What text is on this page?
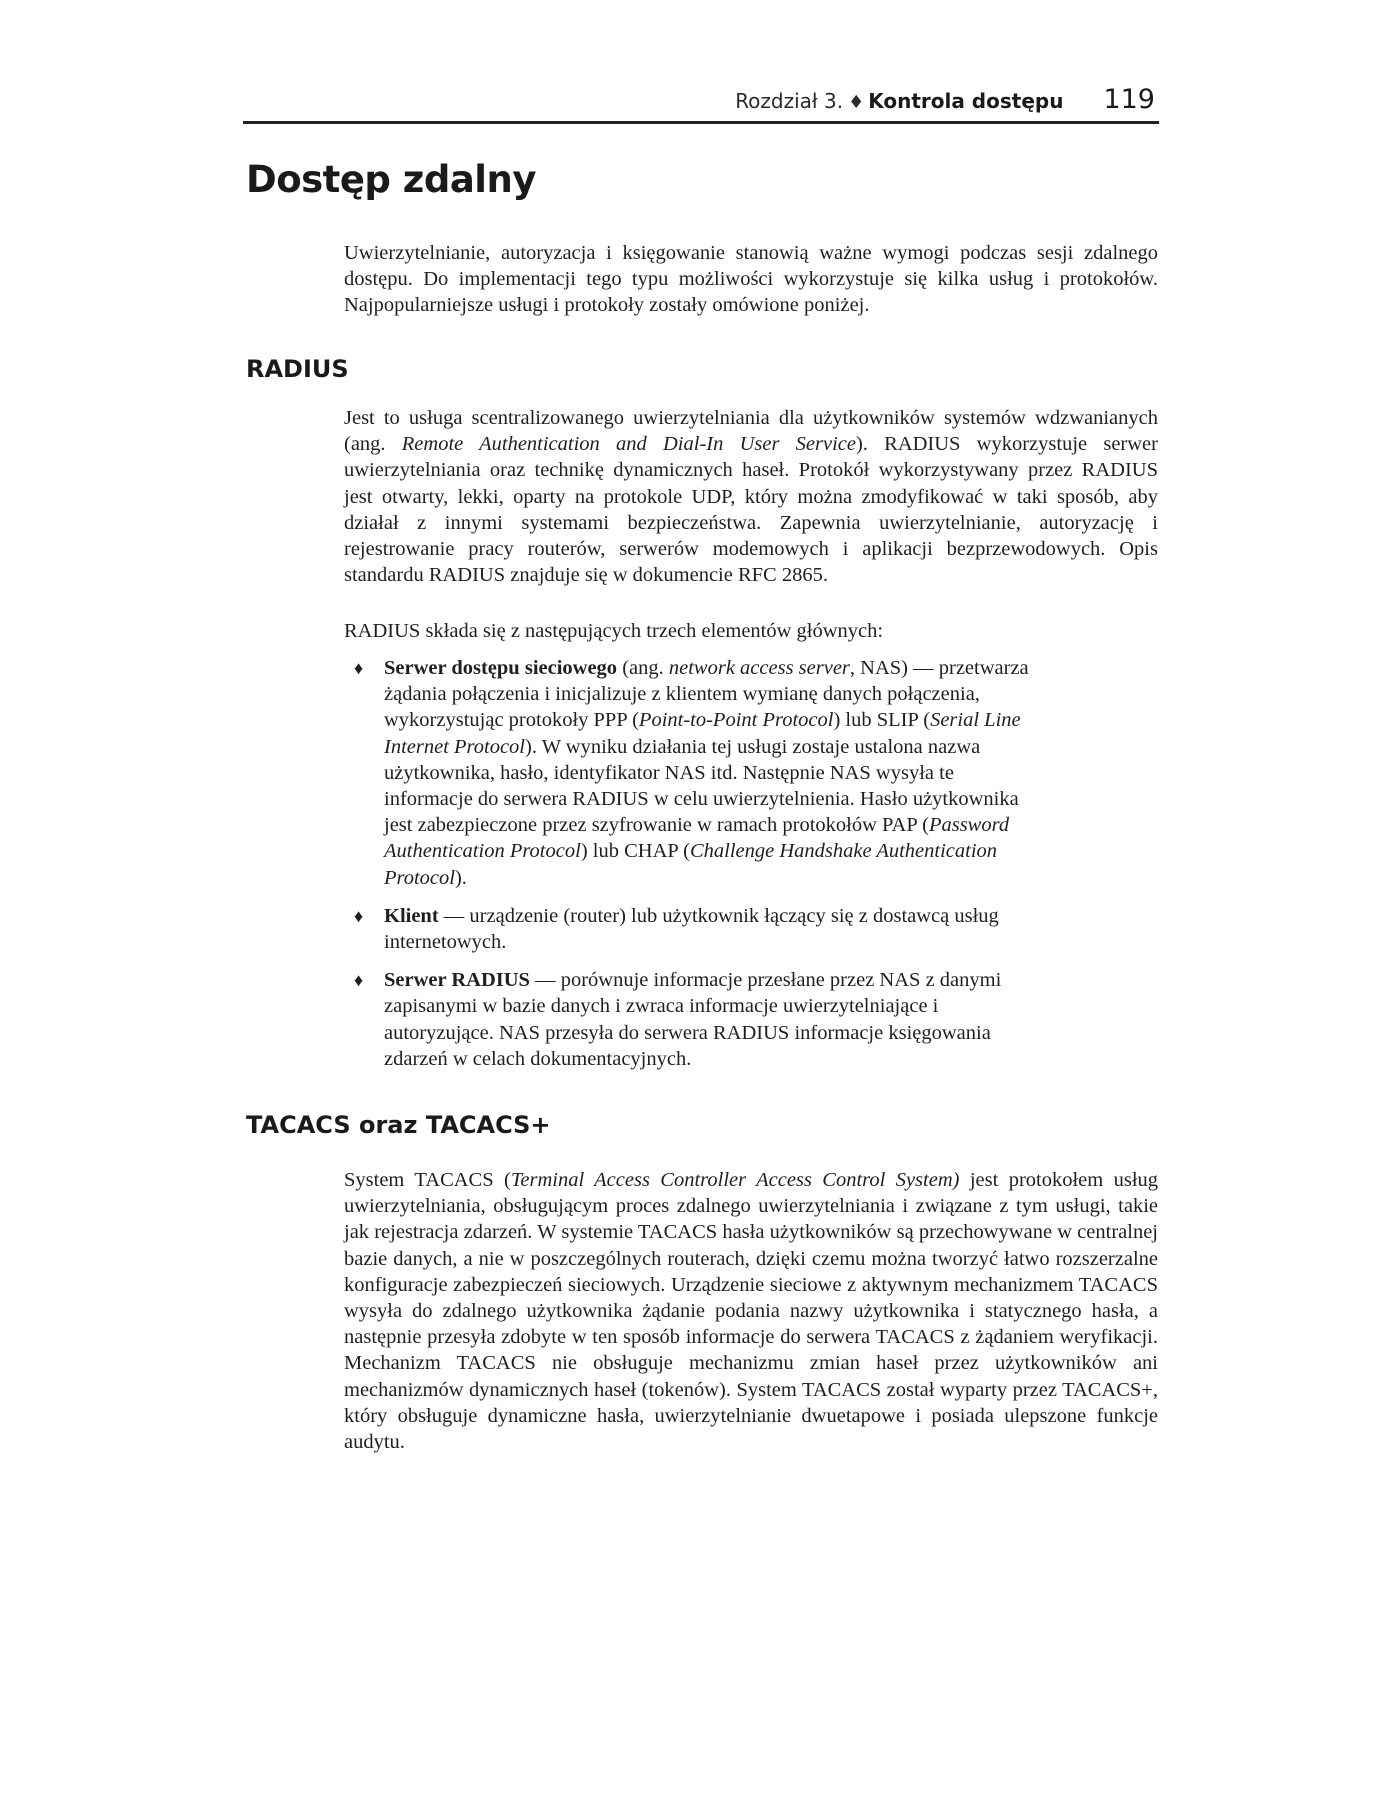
Rozdział 3. ♦ Kontrola dostępu 119
Dostęp zdalny

Uwierzytelnianie, autoryzacja i księgowanie stanowią ważne wymogi podczas sesji zdalnego dostępu. Do implementacji tego typu możliwości wykorzystuje się kilka usług i protokołów. Najpopularniejsze usługi i protokoły zostały omówione poniżej.

RADIUS

Jest to usługa scentralizowanego uwierzytelniania dla użytkowników systemów wdzwanianych (ang. Remote Authentication and Dial-In User Service). RADIUS wykorzystuje serwer uwierzytelniania oraz technikę dynamicznych haseł. Protokół wykorzystywany przez RADIUS jest otwarty, lekki, oparty na protokole UDP, który można zmodyfikować w taki sposób, aby działał z innymi systemami bezpieczeństwa. Zapewnia uwierzytelnianie, autoryzację i rejestrowanie pracy routerów, serwerów modemowych i aplikacji bezprzewodowych. Opis standardu RADIUS znajduje się w dokumencie RFC 2865.

RADIUS składa się z następujących trzech elementów głównych:

♦ Serwer dostępu sieciowego (ang. network access server, NAS) — przetwarza żądania połączenia i inicjalizuje z klientem wymianę danych połączenia, wykorzystując protokoły PPP (Point-to-Point Protocol) lub SLIP (Serial Line Internet Protocol). W wyniku działania tej usługi zostaje ustalona nazwa użytkownika, hasło, identyfikator NAS itd. Następnie NAS wysyła te informacje do serwera RADIUS w celu uwierzytelnienia. Hasło użytkownika jest zabezpieczone przez szyfrowanie w ramach protokołów PAP (Password Authentication Protocol) lub CHAP (Challenge Handshake Authentication Protocol).
♦ Klient — urządzenie (router) lub użytkownik łączący się z dostawcą usług internetowych.
♦ Serwer RADIUS — porównuje informacje przesłane przez NAS z danymi zapisanymi w bazie danych i zwraca informacje uwierzytelniające i autoryzujące. NAS przesyła do serwera RADIUS informacje księgowania zdarzeń w celach dokumentacyjnych.
TACACS oraz TACACS+

System TACACS (Terminal Access Controller Access Control System) jest protokołem usług uwierzytelniania, obsługującym proces zdalnego uwierzytelniania i związane z tym usługi, takie jak rejestracja zdarzeń. W systemie TACACS hasła użytkowników są przechowywane w centralnej bazie danych, a nie w poszczególnych routerach, dzięki czemu można tworzyć łatwo rozszerzalne konfiguracje zabezpieczeń sieciowych. Urządzenie sieciowe z aktywnym mechanizmem TACACS wysyła do zdalnego użytkownika żądanie podania nazwy użytkownika i statycznego hasła, a następnie przesyła zdobyte w ten sposób informacje do serwera TACACS z żądaniem weryfikacji. Mechanizm TACACS nie obsługuje mechanizmu zmian haseł przez użytkowników ani mechanizmów dynamicznych haseł (tokenów). System TACACS został wyparty przez TACACS+, który obsługuje dynamiczne hasła, uwierzytelnianie dwuetapowe i posiada ulepszone funkcje audytu.
